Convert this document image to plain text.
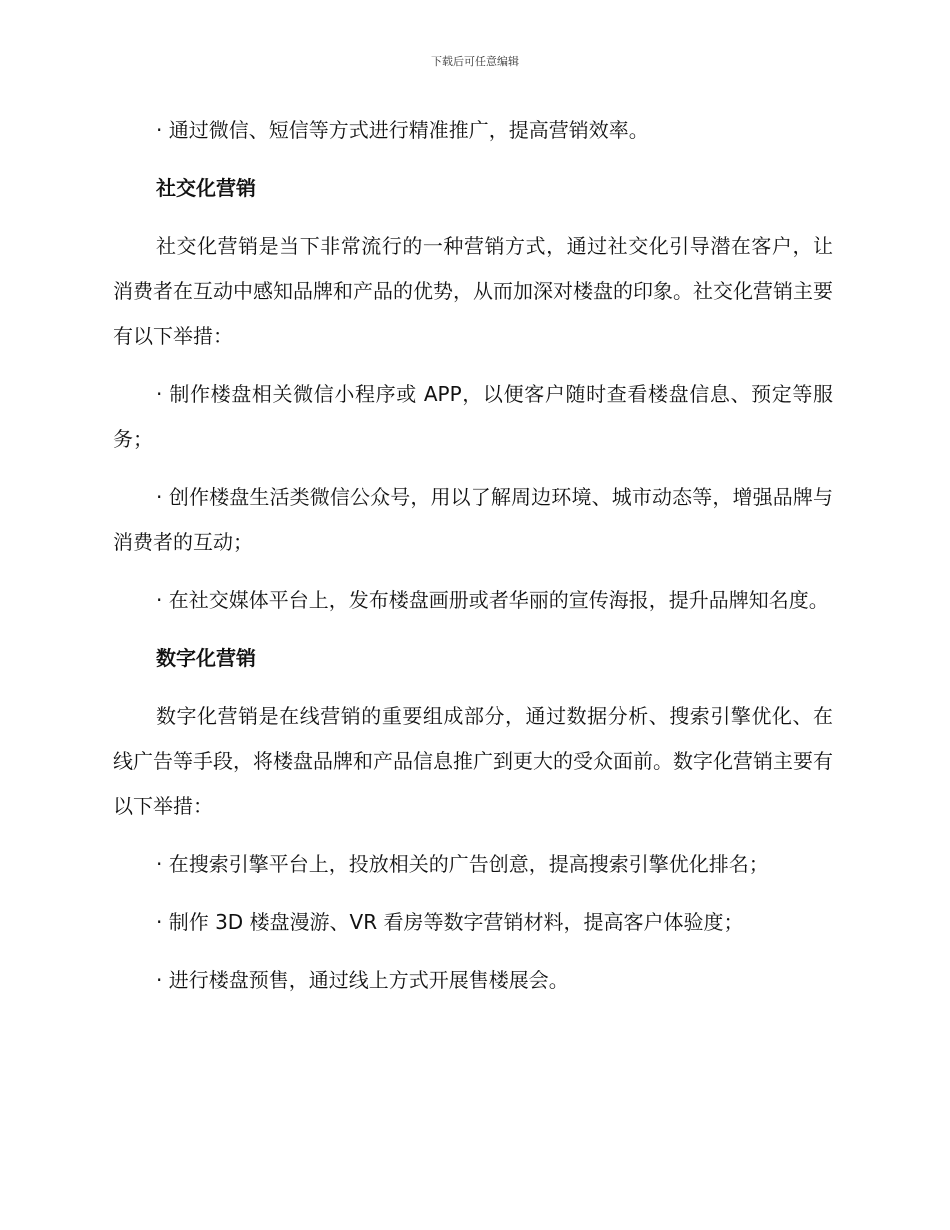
下载后可任意编辑

· 通过微信、短信等方式进行精准推广，提高营销效率。

社交化营销

社交化营销是当下非常流行的一种营销方式，通过社交化引导潜在客户，让消费者在互动中感知品牌和产品的优势，从而加深对楼盘的印象。社交化营销主要有以下举措：

· 制作楼盘相关微信小程序或 APP，以便客户随时查看楼盘信息、预定等服务；

· 创作楼盘生活类微信公众号，用以了解周边环境、城市动态等，增强品牌与消费者的互动；

· 在社交媒体平台上，发布楼盘画册或者华丽的宣传海报，提升品牌知名度。

数字化营销

数字化营销是在线营销的重要组成部分，通过数据分析、搜索引擎优化、在线广告等手段，将楼盘品牌和产品信息推广到更大的受众面前。数字化营销主要有以下举措：

· 在搜索引擎平台上，投放相关的广告创意，提高搜索引擎优化排名；

· 制作 3D 楼盘漫游、VR 看房等数字营销材料，提高客户体验度；

· 进行楼盘预售，通过线上方式开展售楼展会。
